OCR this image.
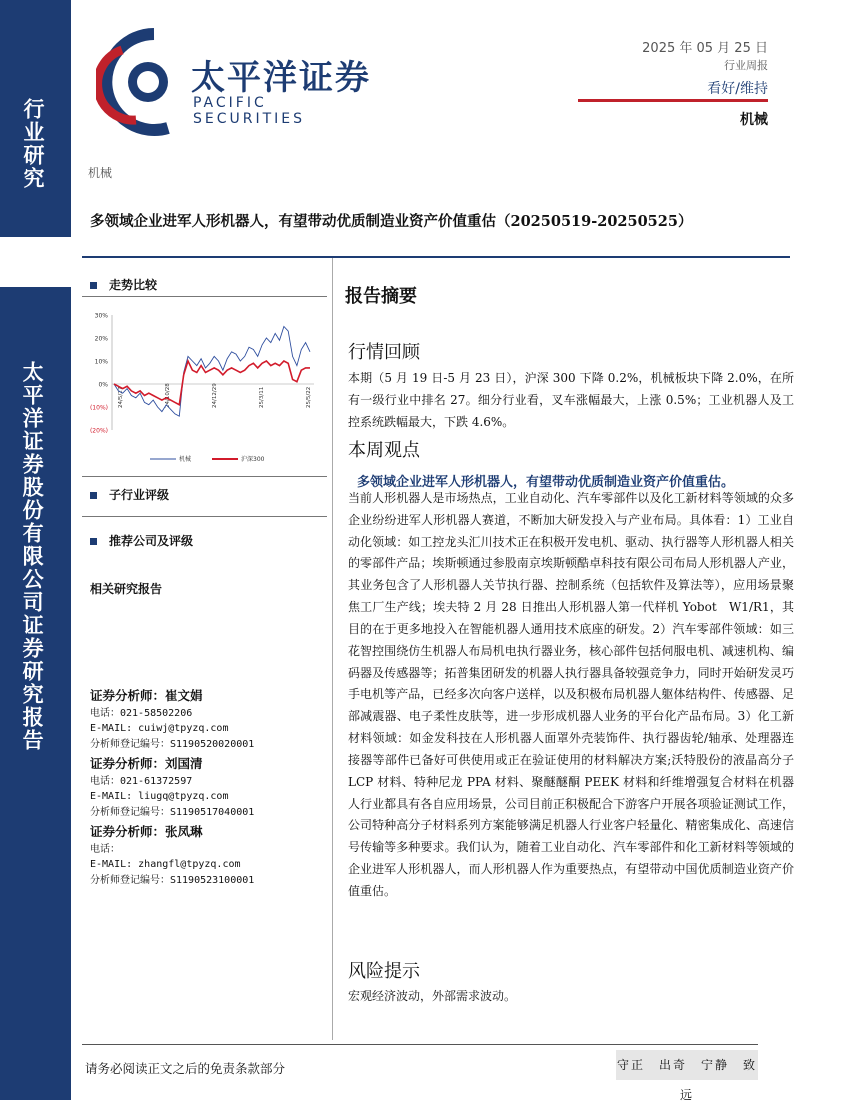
行业研究
太平洋证券股份有限公司证券研究报告
太平洋证券
PACIFIC SECURITIES
2025 年 05 月 25 日
行业周报
看好/维持
机械
机械
多领域企业进军人形机器人，有望带动优质制造业资产价值重估（20250519-20250525）
走势比较
30%
20%
10%
0%
(10%)
(20%)
24/5/27	24/10/28	24/12/29	25/3/11	25/5/22
机械	沪深300
子行业评级
推荐公司及评级
相关研究报告
证券分析师：崔文娟
电话：021-58502206
E-MAIL: cuiwj@tpyzq.com
分析师登记编号：S1190520020001
证券分析师：刘国清
电话：021-61372597
E-MAIL: liugq@tpyzq.com
分析师登记编号：S1190517040001
证券分析师：张凤琳
电话：
E-MAIL: zhangfl@tpyzq.com
分析师登记编号：S1190523100001
报告摘要
行情回顾
本期（5 月 19 日-5 月 23 日），沪深 300 下降 0.2%，机械板块下降 2.0%，在所有一级行业中排名 27。细分行业看，叉车涨幅最大，上涨 0.5%；工业机器人及工控系统跌幅最大，下跌 4.6%。
本周观点
多领域企业进军人形机器人，有望带动优质制造业资产价值重估。
当前人形机器人是市场热点，工业自动化、汽车零部件以及化工新材料等领域的众多企业纷纷进军人形机器人赛道，不断加大研发投入与产业布局。具体看：1）工业自动化领域：如工控龙头汇川技术正在积极开发电机、驱动、执行器等人形机器人相关的零部件产品；埃斯顿通过参股南京埃斯顿酷卓科技有限公司布局人形机器人产业，其业务包含了人形机器人关节执行器、控制系统（包括软件及算法等），应用场景聚焦工厂生产线；埃夫特 2 月 28 日推出人形机器人第一代样机 Yobot　W1/R1，其目的在于更多地投入在智能机器人通用技术底座的研发。2）汽车零部件领域：如三花智控围绕仿生机器人布局机电执行器业务，核心部件包括伺服电机、减速机构、编码器及传感器等；拓普集团研发的机器人执行器具备较强竞争力，同时开始研发灵巧手电机等产品，已经多次向客户送样，以及积极布局机器人躯体结构件、传感器、足部减震器、电子柔性皮肤等，进一步形成机器人业务的平台化产品布局。3）化工新材料领域：如金发科技在人形机器人面罩外壳装饰件、执行器齿轮/轴承、处理器连接器等部件已备好可供使用或正在验证使用的材料解决方案;沃特股份的液晶高分子 LCP 材料、特种尼龙 PPA 材料、聚醚醚酮 PEEK 材料和纤维增强复合材料在机器人行业都具有各自应用场景，公司目前正积极配合下游客户开展各项验证测试工作，公司特种高分子材料系列方案能够满足机器人行业客户轻量化、精密集成化、高速信号传输等多种要求。我们认为，随着工业自动化、汽车零部件和化工新材料等领域的企业进军人形机器人，而人形机器人作为重要热点，有望带动中国优质制造业资产价值重估。
风险提示
宏观经济波动，外部需求波动。
请务必阅读正文之后的免责条款部分	守正　出奇　宁静　致远
